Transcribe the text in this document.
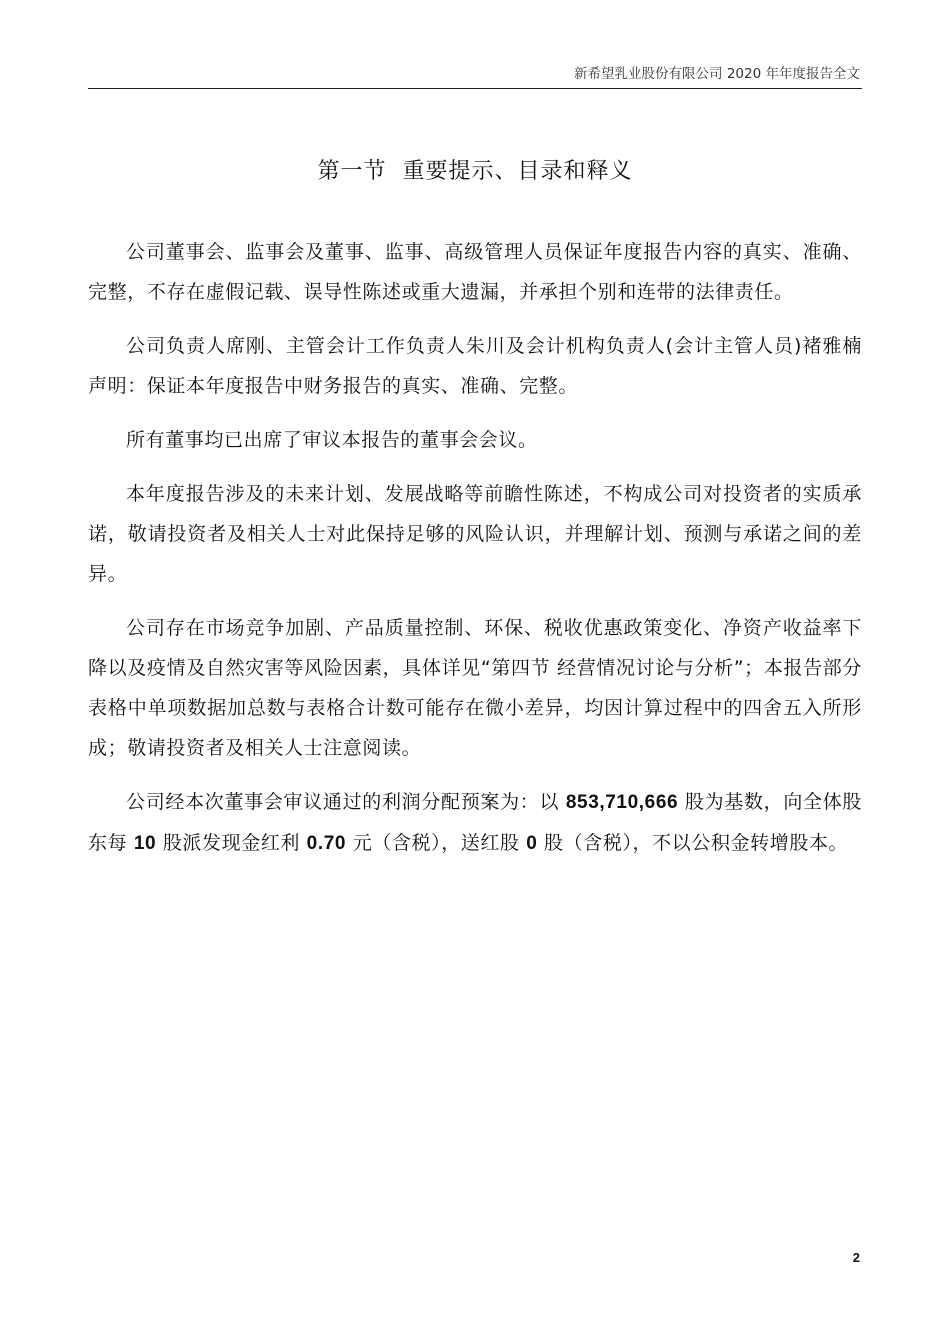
新希望乳业股份有限公司 2020 年年度报告全文
第一节  重要提示、目录和释义

公司董事会、监事会及董事、监事、高级管理人员保证年度报告内容的真实、准确、完整，不存在虚假记载、误导性陈述或重大遗漏，并承担个别和连带的法律责任。

公司负责人席刚、主管会计工作负责人朱川及会计机构负责人(会计主管人员)褚雅楠声明：保证本年度报告中财务报告的真实、准确、完整。

所有董事均已出席了审议本报告的董事会会议。

本年度报告涉及的未来计划、发展战略等前瞻性陈述，不构成公司对投资者的实质承诺，敬请投资者及相关人士对此保持足够的风险认识，并理解计划、预测与承诺之间的差异。

公司存在市场竞争加剧、产品质量控制、环保、税收优惠政策变化、净资产收益率下降以及疫情及自然灾害等风险因素，具体详见“第四节 经营情况讨论与分析”；本报告部分表格中单项数据加总数与表格合计数可能存在微小差异，均因计算过程中的四舍五入所形成；敬请投资者及相关人士注意阅读。

公司经本次董事会审议通过的利润分配预案为：以 853,710,666 股为基数，向全体股东每 10 股派发现金红利 0.70 元（含税），送红股 0 股（含税），不以公积金转增股本。

2
